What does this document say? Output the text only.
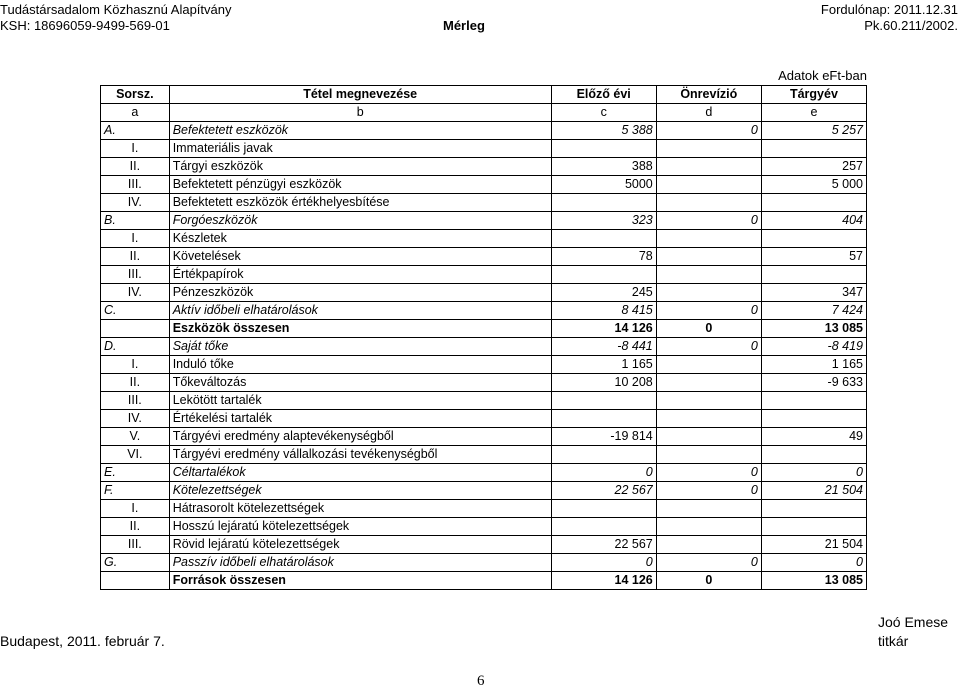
Tudástársadalom Közhasznú Alapítvány
KSH: 18696059-9499-569-01	Mérleg
Fordulónap: 2011.12.31
Pk.60.211/2002.
Adatok eFt-ban
Sorsz.	Tétel megnevezése	Előző évi	Önrevízió	Tárgyév
a	b	c	d	e
A.	Befektetett eszközök	5 388	0	5 257
I.	Immateriális javak			
II.	Tárgyi eszközök	388		257
III.	Befektetett pénzügyi eszközök	5000		5 000
IV.	Befektetett eszközök értékhelyesbítése			
B.	Forgóeszközök	323	0	404
I.	Készletek			
II.	Követelések	78		57
III.	Értékpapírok			
IV.	Pénzeszközök	245		347
C.	Aktív időbeli elhatárolások	8 415	0	7 424
	Eszközök összesen	14 126	0	13 085
D.	Saját tőke	-8 441	0	-8 419
I.	Induló tőke	1 165		1 165
II.	Tőkeváltozás	10 208		-9 633
III.	Lekötött tartalék			
IV.	Értékelési tartalék			
V.	Tárgyévi eredmény alaptevékenységből	-19 814		49
VI.	Tárgyévi eredmény vállalkozási tevékenységből			
E.	Céltartalékok	0	0	0
F.	Kötelezettségek	22 567	0	21 504
I.	Hátrasorolt kötelezettségek			
II.	Hosszú lejáratú kötelezettségek			
III.	Rövid lejáratú kötelezettségek	22 567		21 504
G.	Passzív időbeli elhatárolások	0	0	0
	Források összesen	14 126	0	13 085
Budapest, 2011. február 7.
Joó Emese
titkár
6
